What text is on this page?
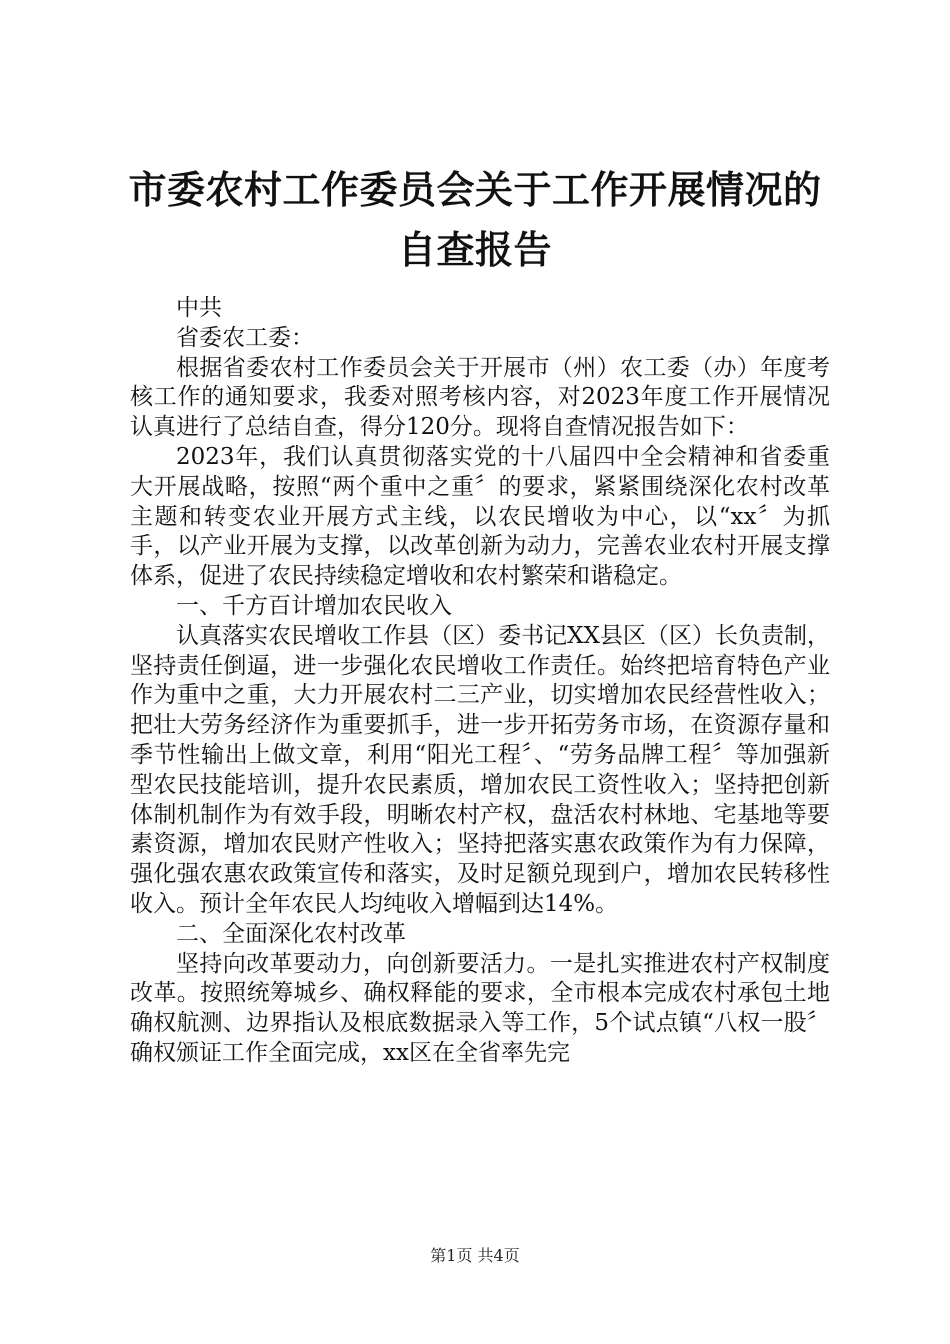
市委农村工作委员会关于工作开展情况的自查报告

中共

省委农工委：

根据省委农村工作委员会关于开展市（州）农工委（办）年度考核工作的通知要求，我委对照考核内容，对2023年度工作开展情况认真进行了总结自查，得分120分。现将自查情况报告如下：

2023年，我们认真贯彻落实党的十八届四中全会精神和省委重大开展战略，按照“两个重中之重〞的要求，紧紧围绕深化农村改革主题和转变农业开展方式主线，以农民增收为中心，以“xx〞为抓手，以产业开展为支撑，以改革创新为动力，完善农业农村开展支撑体系，促进了农民持续稳定增收和农村繁荣和谐稳定。

一、千方百计增加农民收入

认真落实农民增收工作县（区）委书记XX县区（区）长负责制，坚持责任倒逼，进一步强化农民增收工作责任。始终把培育特色产业作为重中之重，大力开展农村二三产业，切实增加农民经营性收入；把壮大劳务经济作为重要抓手，进一步开拓劳务市场，在资源存量和季节性输出上做文章，利用“阳光工程〞、“劳务品牌工程〞等加强新型农民技能培训，提升农民素质，增加农民工资性收入；坚持把创新体制机制作为有效手段，明晰农村产权，盘活农村林地、宅基地等要素资源，增加农民财产性收入；坚持把落实惠农政策作为有力保障，强化强农惠农政策宣传和落实，及时足额兑现到户，增加农民转移性收入。预计全年农民人均纯收入增幅到达14%。

二、全面深化农村改革

坚持向改革要动力，向创新要活力。一是扎实推进农村产权制度改革。按照统筹城乡、确权释能的要求，全市根本完成农村承包土地确权航测、边界指认及根底数据录入等工作，5个试点镇“八权一股〞确权颁证工作全面完成，xx区在全省率先完

第1页 共4页
